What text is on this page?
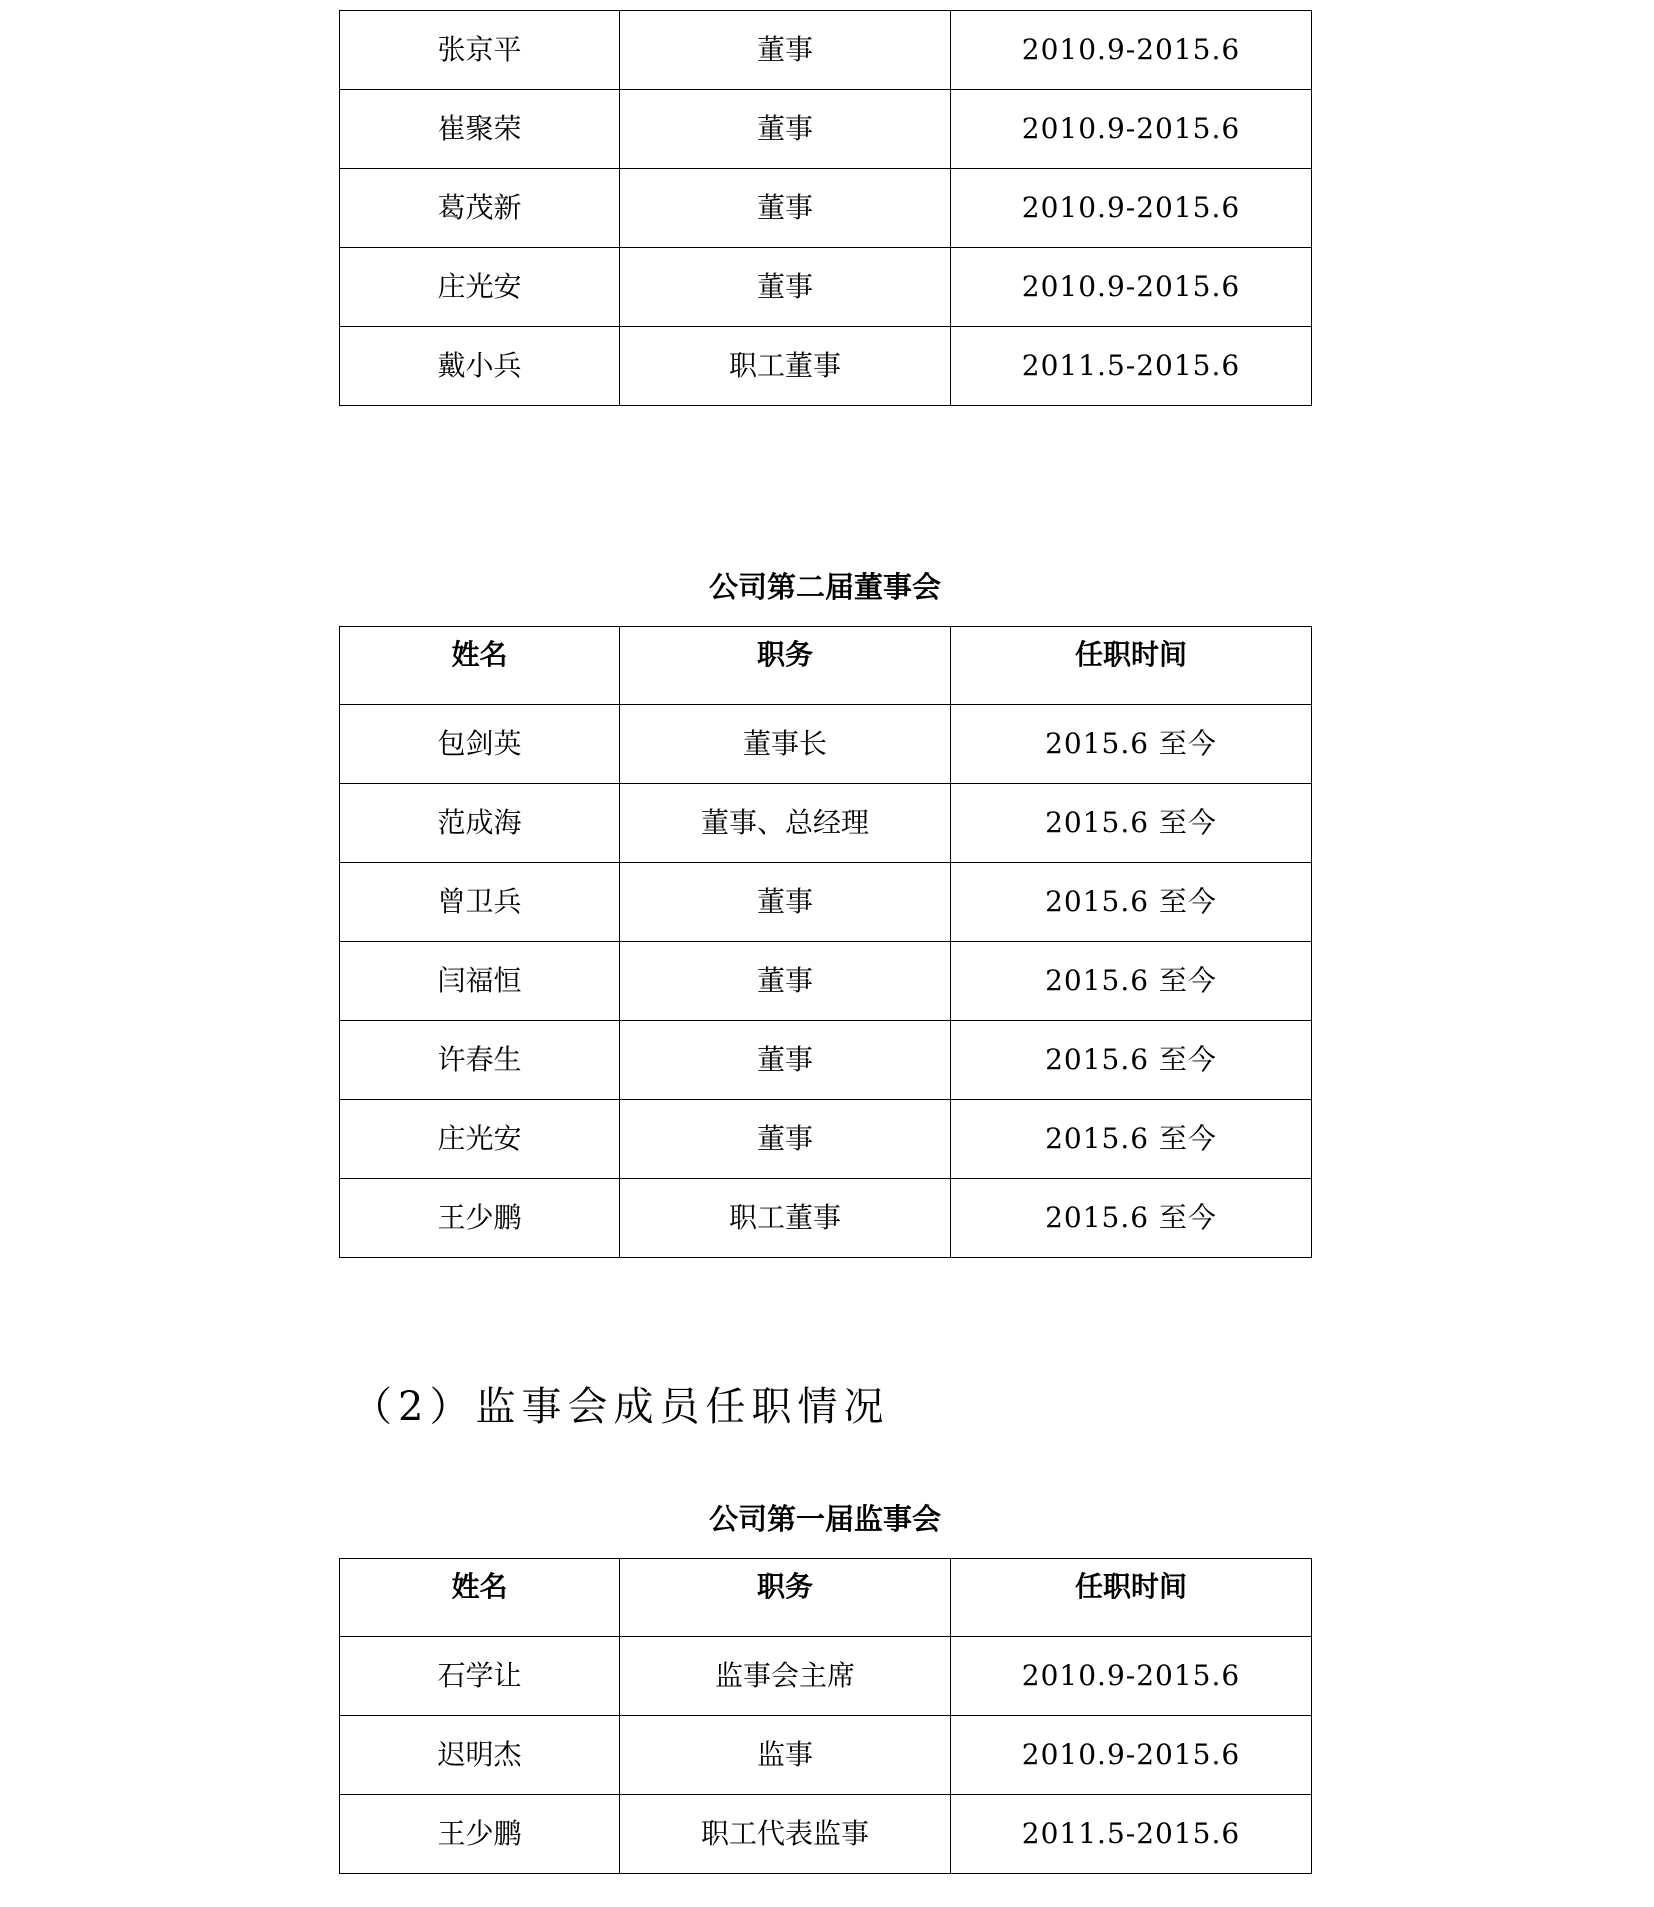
张京平	董事	2010.9-2015.6
崔聚荣	董事	2010.9-2015.6
葛茂新	董事	2010.9-2015.6
庄光安	董事	2010.9-2015.6
戴小兵	职工董事	2011.5-2015.6
公司第二届董事会
姓名	职务	任职时间
包剑英	董事长	2015.6 至今
范成海	董事、总经理	2015.6 至今
曾卫兵	董事	2015.6 至今
闫福恒	董事	2015.6 至今
许春生	董事	2015.6 至今
庄光安	董事	2015.6 至今
王少鹏	职工董事	2015.6 至今
（2）监事会成员任职情况
公司第一届监事会
姓名	职务	任职时间
石学让	监事会主席	2010.9-2015.6
迟明杰	监事	2010.9-2015.6
王少鹏	职工代表监事	2011.5-2015.6
